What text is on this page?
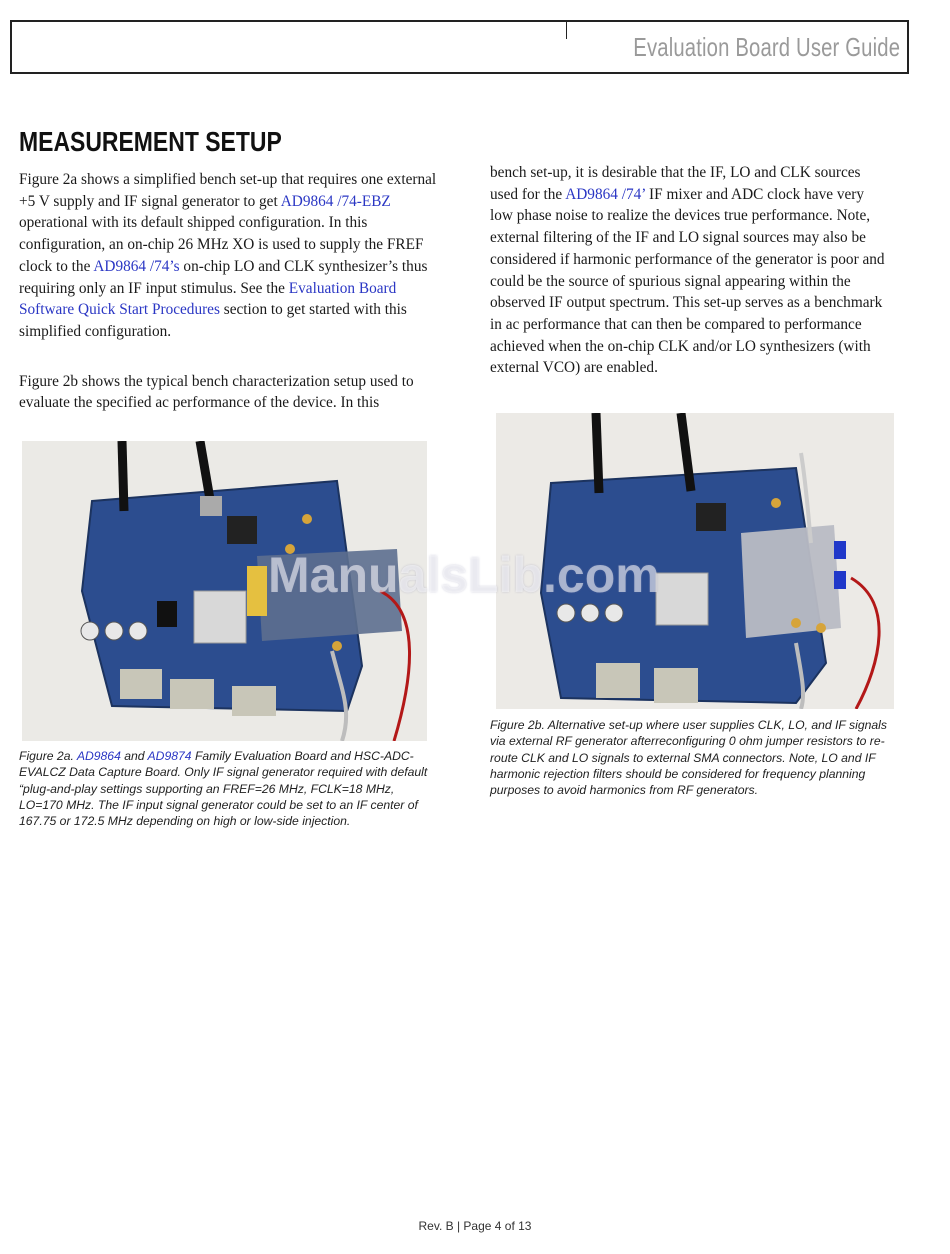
Evaluation Board User Guide
MEASUREMENT SETUP

Figure 2a shows a simplified bench set-up that requires one external +5 V supply and IF signal generator to get AD9864 /74-EBZ operational with its default shipped configuration. In this configuration, an on-chip 26 MHz XO is used to supply the FREF clock to the AD9864 /74’s on-chip LO and CLK synthesizer’s thus requiring only an IF input stimulus. See the Evaluation Board Software Quick Start Procedures section to get started with this simplified configuration.

Figure 2b shows the typical bench characterization setup used to evaluate the specified ac performance of the device. In this

bench set-up, it is desirable that the IF, LO and CLK sources used for the AD9864 /74’ IF mixer and ADC clock have very low phase noise to realize the devices true performance. Note, external filtering of the IF and LO signal sources may also be considered if harmonic performance of the generator is poor and could be the source of spurious signal appearing within the observed IF output spectrum. This set-up serves as a benchmark in ac performance that can then be compared to performance achieved when the on-chip CLK and/or LO synthesizers (with external VCO) are enabled.

ManualsLib.com

Figure 2a. AD9864 and AD9874 Family Evaluation Board and HSC-ADC-EVALCZ Data Capture Board. Only IF signal generator required with default “plug-and-play settings supporting an FREF=26 MHz, FCLK=18 MHz, LO=170 MHz. The IF input signal generator could be set to an IF center of 167.75 or 172.5 MHz depending on high or low-side injection.

Figure 2b. Alternative set-up where user supplies CLK, LO, and IF signals via external RF generator afterreconfiguring 0 ohm jumper resistors to re-route CLK and LO signals to external SMA connectors. Note, LO and IF harmonic rejection filters should be considered for frequency planning purposes to avoid harmonics from RF generators.

Rev. B | Page 4 of 13
